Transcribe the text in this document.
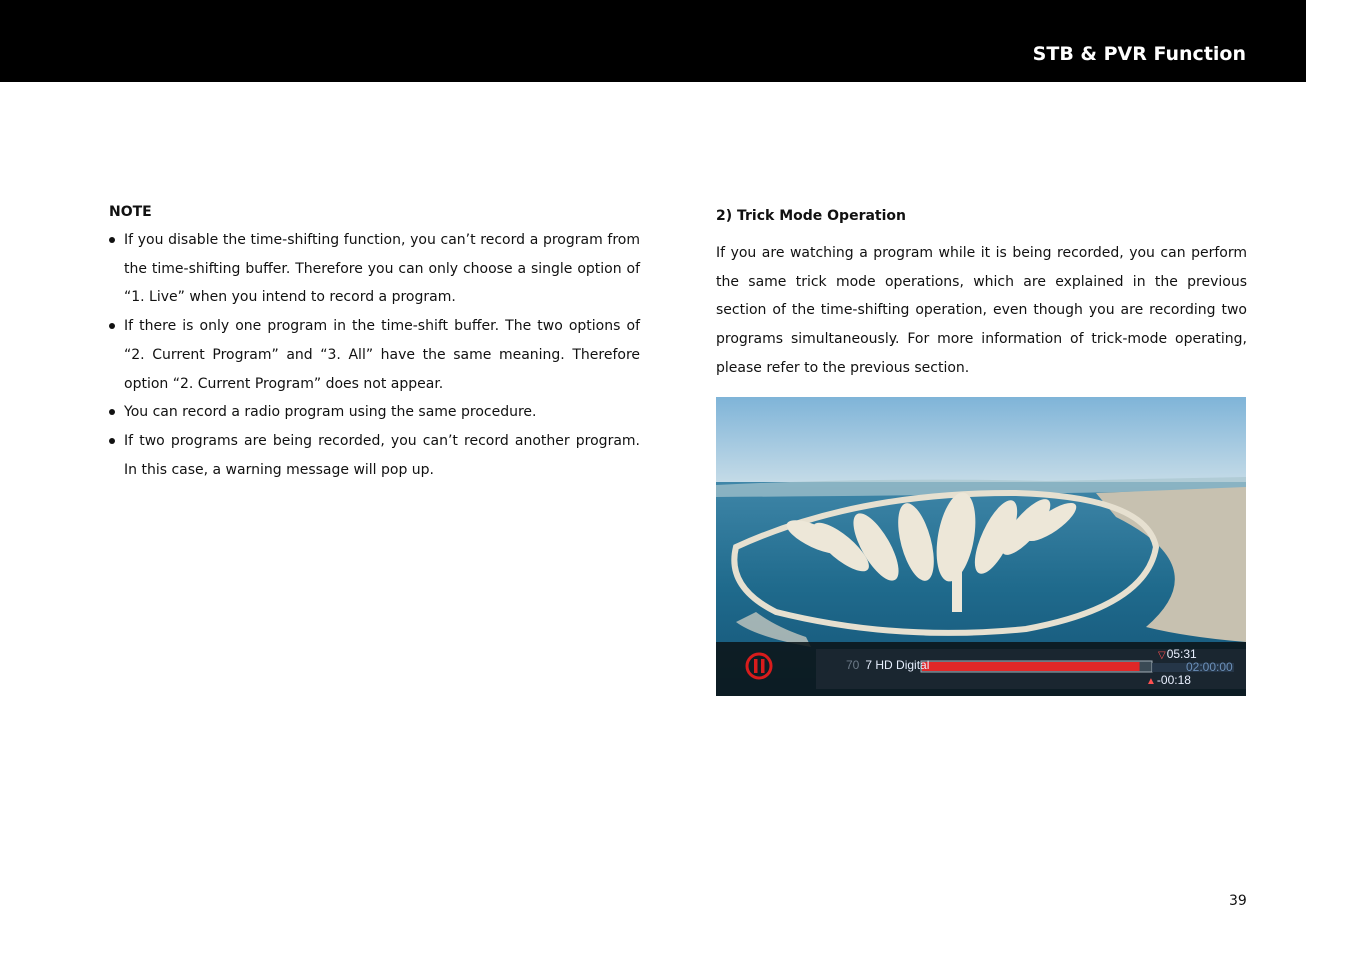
STB & PVR Function
NOTE
If you disable the time-shifting function, you can’t record a program from the time-shifting buffer. Therefore you can only choose a single option of “1. Live” when you intend to record a program.
If there is only one program in the time-shift buffer. The two options of “2. Current Program” and “3. All” have the same meaning. Therefore option “2. Current Program” does not appear.
You can record a radio program using the same procedure.
If two programs are being recorded, you can’t record another program. In this case, a warning message will pop up.
2) Trick Mode Operation

If you are watching a program while it is being recorded, you can perform the same trick mode operations, which are explained in the previous section of the time-shifting operation, even though you are recording two programs simultaneously. For more information of trick-mode operating, please refer to the previous section.

70 7 HD Digital
▽05:31
02:00:00
▲-00:18
39
